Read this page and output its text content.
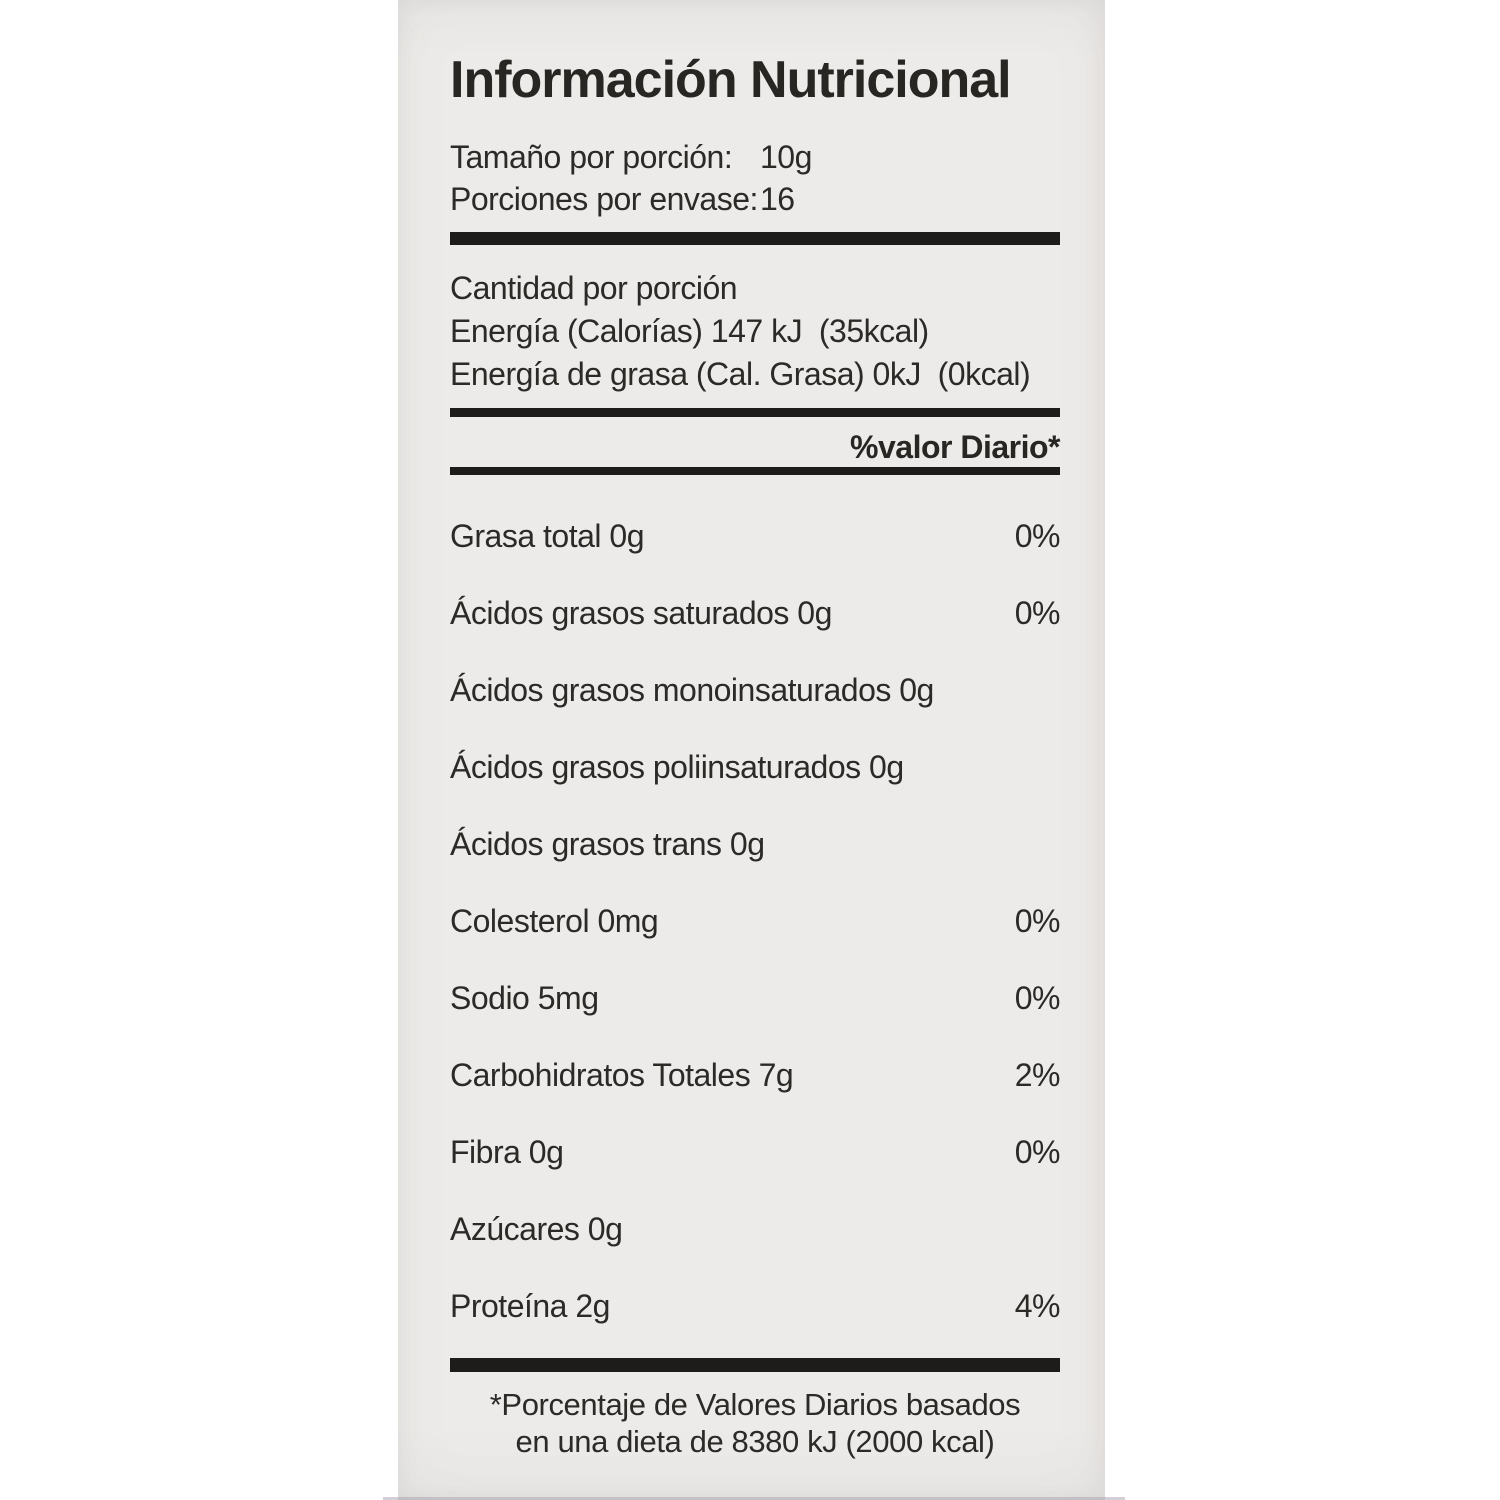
Información Nutricional
Tamaño por porción: 10g
Porciones por envase: 16
Cantidad por porción
Energía (Calorías) 147 kJ  (35kcal)
Energía de grasa (Cal. Grasa) 0kJ  (0kcal)
%valor Diario*
Grasa total 0g	0%
Ácidos grasos saturados 0g	0%
Ácidos grasos monoinsaturados 0g
Ácidos grasos poliinsaturados 0g
Ácidos grasos trans 0g
Colesterol 0mg	0%
Sodio 5mg	0%
Carbohidratos Totales 7g	2%
Fibra 0g	0%
Azúcares 0g
Proteína 2g	4%
*Porcentaje de Valores Diarios basados
en una dieta de 8380 kJ (2000 kcal)
